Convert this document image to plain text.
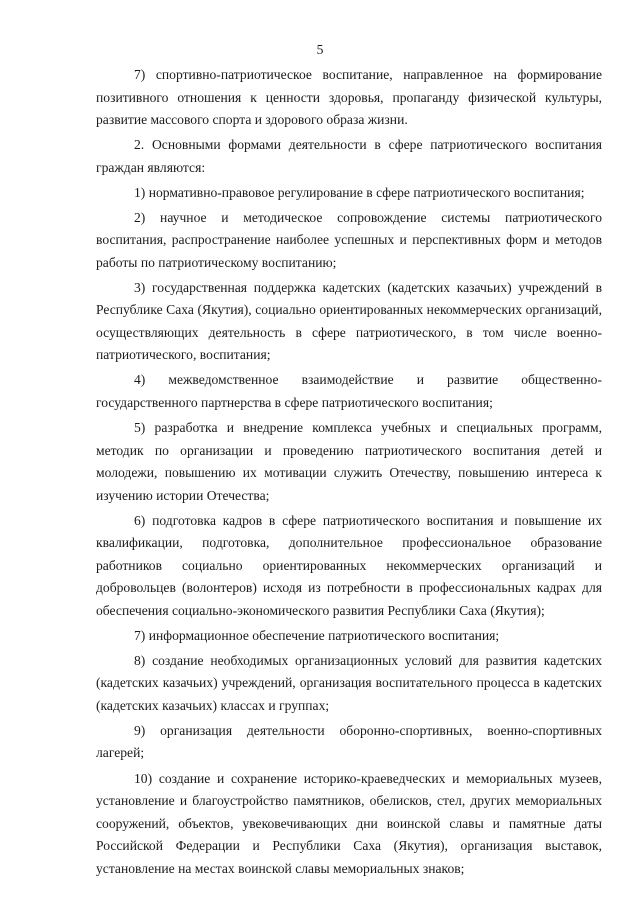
5

7) спортивно-патриотическое воспитание, направленное на формирование позитивного отношения к ценности здоровья, пропаганду физической культуры, развитие массового спорта и здорового образа жизни.

2. Основными формами деятельности в сфере патриотического воспитания граждан являются:

1) нормативно-правовое регулирование в сфере патриотического воспитания;

2) научное и методическое сопровождение системы патриотического воспитания, распространение наиболее успешных и перспективных форм и методов работы по патриотическому воспитанию;

3) государственная поддержка кадетских (кадетских казачьих) учреждений в Республике Саха (Якутия), социально ориентированных некоммерческих организаций, осуществляющих деятельность в сфере патриотического, в том числе военно-патриотического, воспитания;

4) межведомственное взаимодействие и развитие общественно-государственного партнерства в сфере патриотического воспитания;

5) разработка и внедрение комплекса учебных и специальных программ, методик по организации и проведению патриотического воспитания детей и молодежи, повышению их мотивации служить Отечеству, повышению интереса к изучению истории Отечества;

6) подготовка кадров в сфере патриотического воспитания и повышение их квалификации, подготовка, дополнительное профессиональное образование работников социально ориентированных некоммерческих организаций и добровольцев (волонтеров) исходя из потребности в профессиональных кадрах для обеспечения социально-экономического развития Республики Саха (Якутия);

7) информационное обеспечение патриотического воспитания;

8) создание необходимых организационных условий для развития кадетских (кадетских казачьих) учреждений, организация воспитательного процесса в кадетских (кадетских казачьих) классах и группах;

9) организация деятельности оборонно-спортивных, военно-спортивных лагерей;

10) создание и сохранение историко-краеведческих и мемориальных музеев, установление и благоустройство памятников, обелисков, стел, других мемориальных сооружений, объектов, увековечивающих дни воинской славы и памятные даты Российской Федерации и Республики Саха (Якутия), организация выставок, установление на местах воинской славы мемориальных знаков;
